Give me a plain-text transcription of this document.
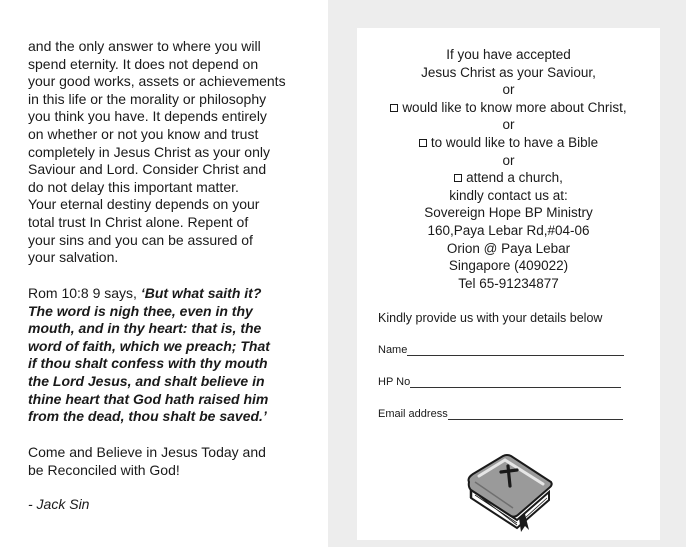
and the only answer to where you will
spend eternity. It does not depend on
your good works, assets or achievements
in this life or the morality or philosophy
you think you have. It depends entirely
on whether or not you know and trust
completely in Jesus Christ as your only
Saviour and Lord. Consider Christ and
do not delay this important matter.
Your eternal destiny depends on your
total trust In Christ alone. Repent of
your sins and you can be assured of
your salvation.
Rom 10:8 9 says, ‘But what saith it?
The word is nigh thee, even in thy
mouth, and in thy heart: that is, the
word of faith, which we preach; That
if thou shalt confess with thy mouth
the Lord Jesus, and shalt believe in
thine heart that God hath raised him
from the dead, thou shalt be saved.’
Come and Believe in Jesus Today and
be Reconciled with God!
- Jack Sin
If you have accepted
Jesus Christ as your Saviour,
or
would like to know more about Christ,
or
to would like to have a Bible
or
attend a church,
kindly contact us at:
Sovereign Hope BP Ministry
160,Paya Lebar Rd,#04-06
Orion @ Paya Lebar
Singapore (409022)
Tel 65-91234877
Kindly provide us with your details below
Name
HP No
Email address
